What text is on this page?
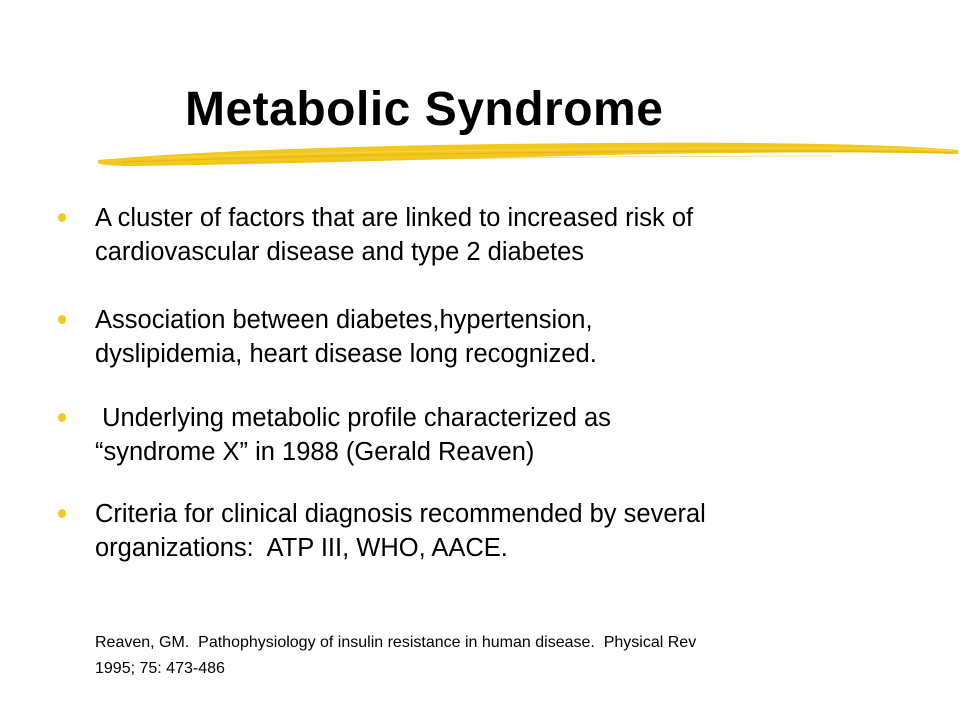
Metabolic Syndrome
A cluster of factors that are linked to increased risk of
cardiovascular disease and type 2 diabetes
Association between diabetes,hypertension,
dyslipidemia, heart disease long recognized.
Underlying metabolic profile characterized as
“syndrome X” in 1988 (Gerald Reaven)
Criteria for clinical diagnosis recommended by several
organizations:  ATP III, WHO, AACE.
Reaven, GM.  Pathophysiology of insulin resistance in human disease.  Physical Rev
1995; 75: 473-486
